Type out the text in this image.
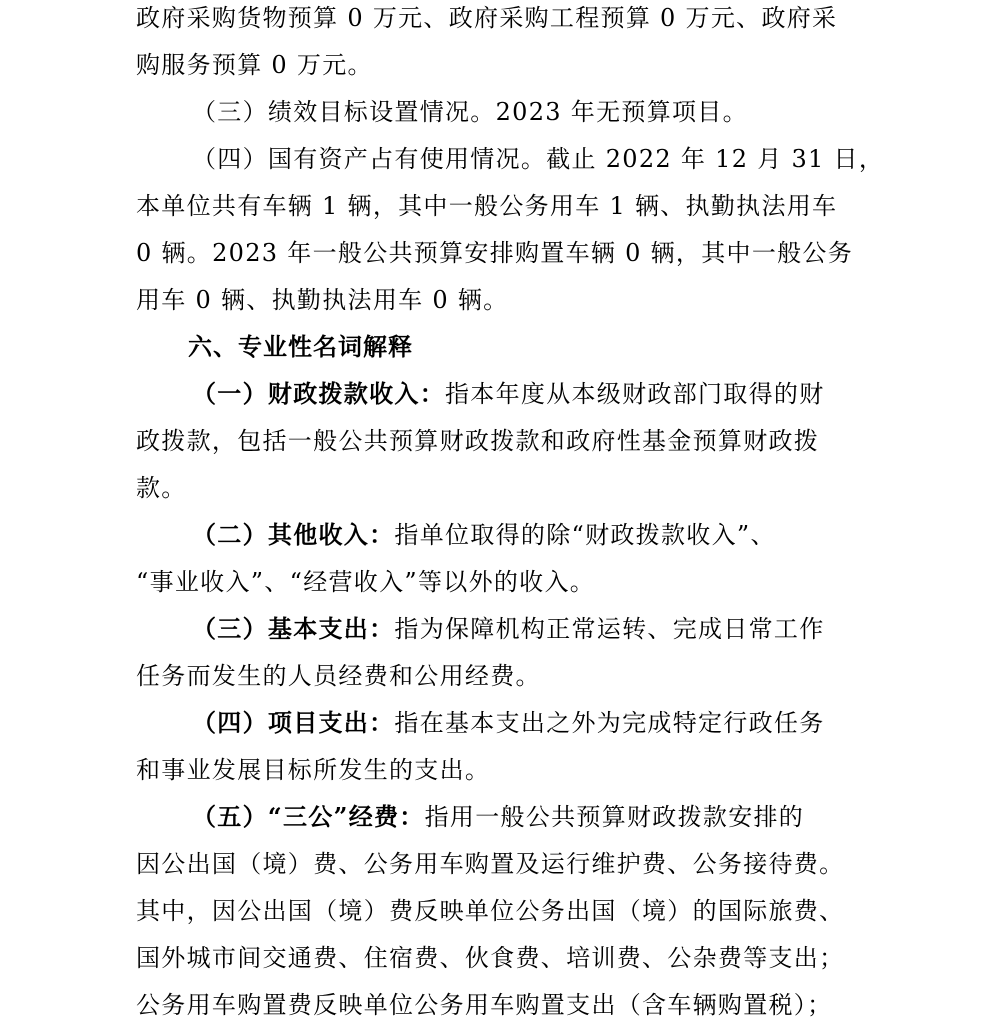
政府采购货物预算 0 万元、政府采购工程预算 0 万元、政府采
购服务预算 0 万元。
（三）绩效目标设置情况。2023 年无预算项目。
（四）国有资产占有使用情况。截止 2022 年 12 月 31 日，
本单位共有车辆 1 辆，其中一般公务用车 1 辆、执勤执法用车
0 辆。2023 年一般公共预算安排购置车辆 0 辆，其中一般公务
用车 0 辆、执勤执法用车 0 辆。
六、专业性名词解释
（一）财政拨款收入：指本年度从本级财政部门取得的财
政拨款，包括一般公共预算财政拨款和政府性基金预算财政拨
款。
（二）其他收入：指单位取得的除“财政拨款收入”、
“事业收入”、“经营收入”等以外的收入。
（三）基本支出：指为保障机构正常运转、完成日常工作
任务而发生的人员经费和公用经费。
（四）项目支出：指在基本支出之外为完成特定行政任务
和事业发展目标所发生的支出。
（五）“三公”经费：指用一般公共预算财政拨款安排的
因公出国（境）费、公务用车购置及运行维护费、公务接待费。
其中，因公出国（境）费反映单位公务出国（境）的国际旅费、
国外城市间交通费、住宿费、伙食费、培训费、公杂费等支出；
公务用车购置费反映单位公务用车购置支出（含车辆购置税）；
